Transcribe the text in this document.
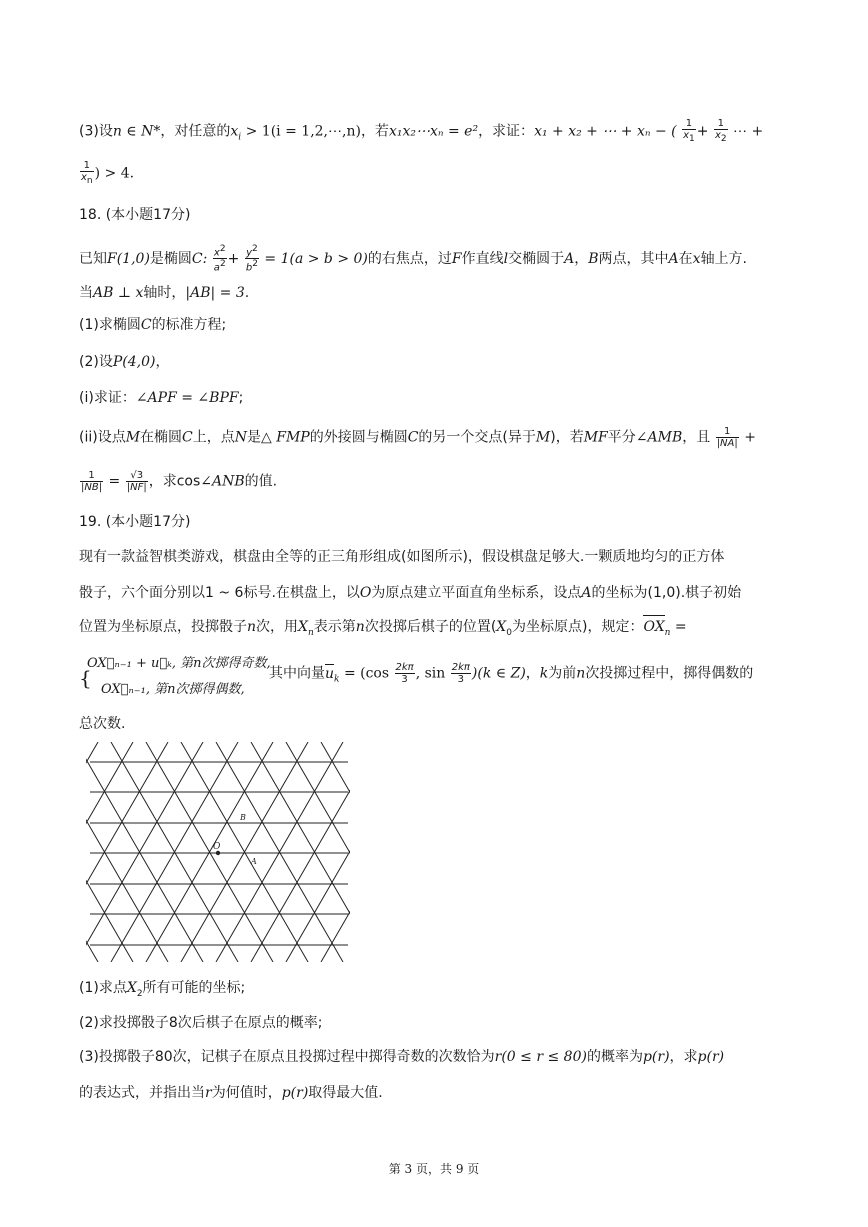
(3)设n ∈ N*，对任意的$x_i > 1(i$ = 1,2,⋯,n)，若x₁x₂⋯xₙ = e²，求证：x₁ + x₂ + ⋯ + xₙ − ( $\frac{1}{x_1} + \frac{1}{x_2}$ ⋯ +
$\frac{1}{x_n}$ ) > 4.
18. (本小题17分)
已知F(1,0)是椭圆C: $\frac{x^2}{a^2} + \frac{y^2}{b^2} = 1(a > b > 0)$的右焦点，过F作直线l交椭圆于A，B两点，其中A在x轴上方.
当AB ⊥ x轴时，|AB| = 3.
(1)求椭圆C的标准方程;
(2)设P(4,0)，
(i)求证：∠APF = ∠BPF;
(ii)设点M在椭圆C上，点N是△ FMP的外接圆与椭圆C的另一个交点(异于M)，若MF平分∠AMB，且 $\frac{1}{|NA|}$ +
$\frac{1}{|NB|} = \frac{√3}{|NF|}$ ，求cos∠ANB的值.
19. (本小题17分)
现有一款益智棋类游戏，棋盘由全等的正三角形组成(如图所示)，假设棋盘足够大.一颗质地均匀的正方体
骰子，六个面分别以1 ~ 6标号.在棋盘上，以O为原点建立平面直角坐标系，设点A的坐标为(1,0).棋子初始
位置为坐标原点，投掷骰子n次，用$X_n$表示第n次投掷后棋子的位置($X_0$为坐标原点)，规定：$OX_n$ =
{
OX⃗ₙ₋₁ + u⃗ₖ, 第n次掷得奇数,
OX⃗ₙ₋₁, 第n次掷得偶数,
其中向量$u_k = (\cos \frac{2k\pi}{3}$ , $\sin \frac{2k\pi}{3} )(k$ ∈ Z)，k为前n次投掷过程中，掷得偶数的
总次数.
O
A
B
(1)求点$X_2$所有可能的坐标;
(2)求投掷骰子8次后棋子在原点的概率;
(3)投掷骰子80次，记棋子在原点且投掷过程中掷得奇数的次数恰为r(0 ≤ r ≤ 80)的概率为p(r)，求p(r)
的表达式，并指出当r为何值时，p(r)取得最大值.
第 3 页，共 9 页
